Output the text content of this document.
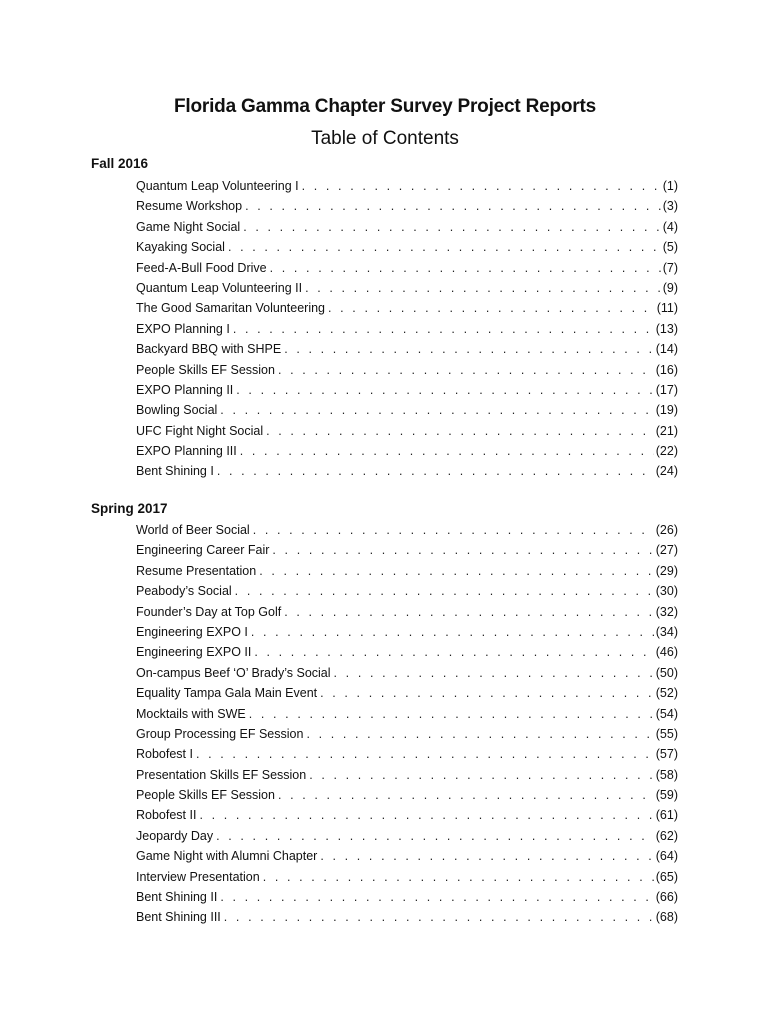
Florida Gamma Chapter Survey Project Reports
Table of Contents
Fall 2016
Quantum Leap Volunteering I . . .	(1)
Resume Workshop . . .	(3)
Game Night Social . . .	(4)
Kayaking Social . . .	(5)
Feed-A-Bull Food Drive . . .	(7)
Quantum Leap Volunteering II . . .	(9)
The Good Samaritan Volunteering . . .	(11)
EXPO Planning I . . .	(13)
Backyard BBQ with SHPE . . .	(14)
People Skills EF Session . . .	(16)
EXPO Planning II . . .	(17)
Bowling Social . . .	(19)
UFC Fight Night Social . . .	(21)
EXPO Planning III . . .	(22)
Bent Shining I . . .	(24)
Spring 2017
World of Beer Social . . .	(26)
Engineering Career Fair . . .	(27)
Resume Presentation . . .	(29)
Peabody’s Social . . .	(30)
Founder’s Day at Top Golf . . .	(32)
Engineering EXPO I . . .	(34)
Engineering EXPO II . . .	(46)
On-campus Beef ‘O’ Brady’s Social . . .	(50)
Equality Tampa Gala Main Event . . .	(52)
Mocktails with SWE . . .	(54)
Group Processing EF Session . . .	(55)
Robofest I . . .	(57)
Presentation Skills EF Session . . .	(58)
People Skills EF Session . . .	(59)
Robofest II . . .	(61)
Jeopardy Day . . .	(62)
Game Night with Alumni Chapter . . .	(64)
Interview Presentation . . .	(65)
Bent Shining II . . .	(66)
Bent Shining III . . .	(68)
